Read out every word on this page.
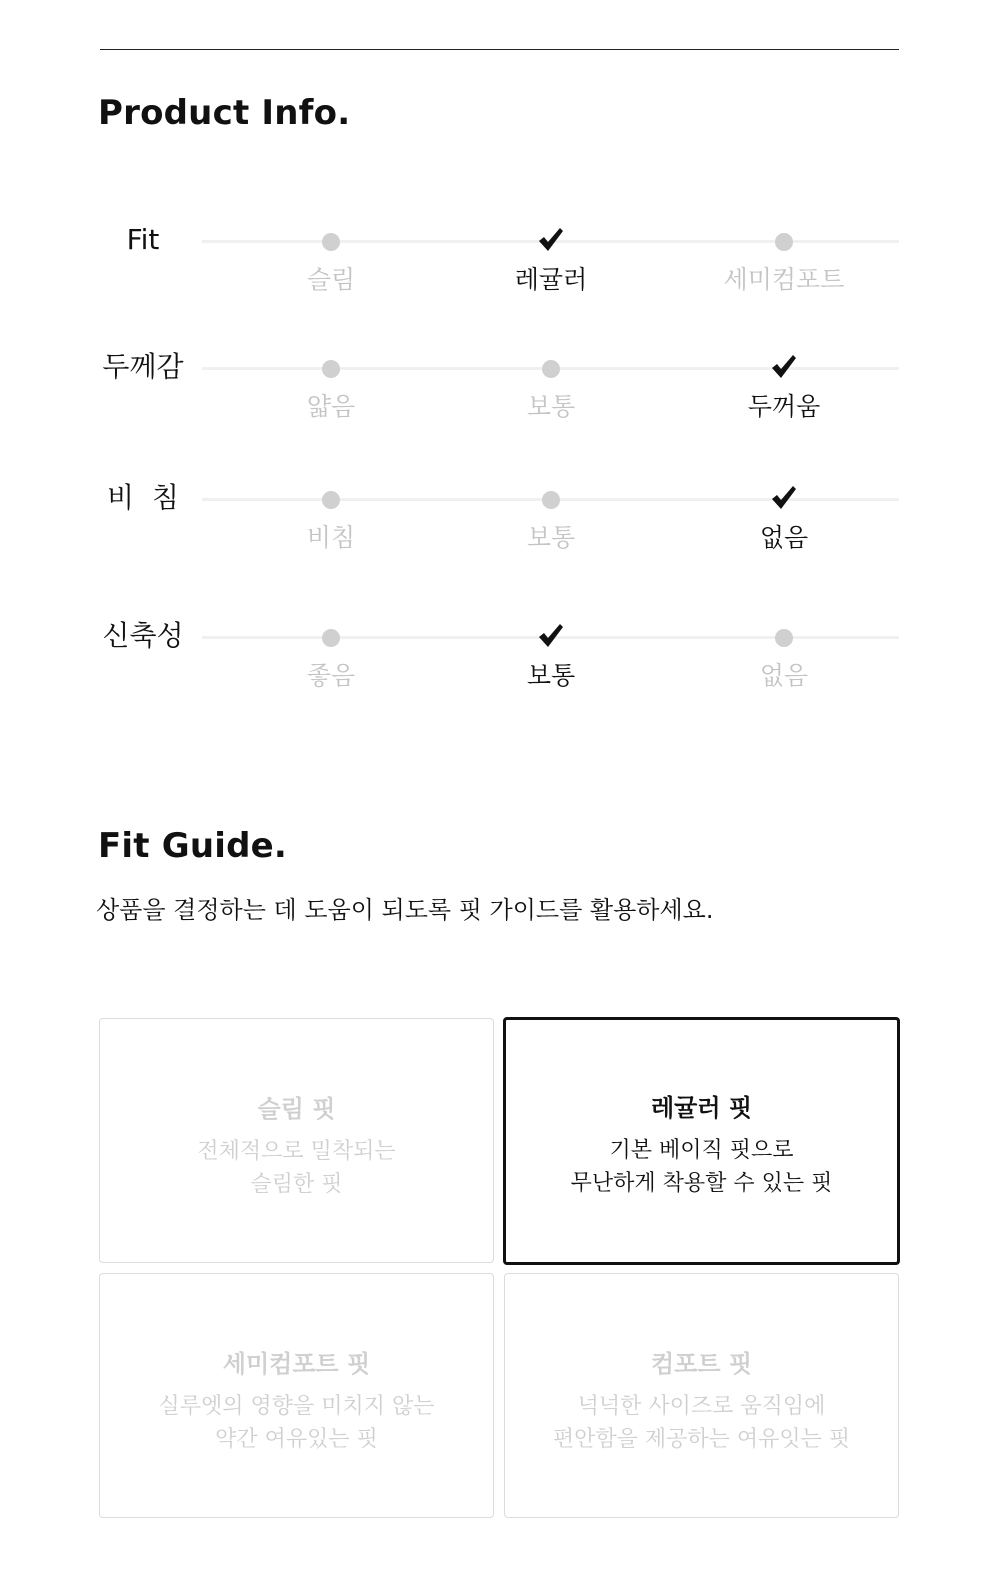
Product Info.
Fit
슬림	레귤러	세미컴포트
두께감
얇음	보통	두꺼움
비  침
비침	보통	없음
신축성
좋음	보통	없음
Fit Guide.

상품을 결정하는 데 도움이 되도록 핏 가이드를 활용하세요.

슬림 핏
전체적으로 밀착되는
슬림한 핏
레귤러 핏
기본 베이직 핏으로
무난하게 착용할 수 있는 핏
세미컴포트 핏
실루엣의 영향을 미치지 않는
약간 여유있는 핏
컴포트 핏
넉넉한 사이즈로 움직임에
편안함을 제공하는 여유잇는 핏
